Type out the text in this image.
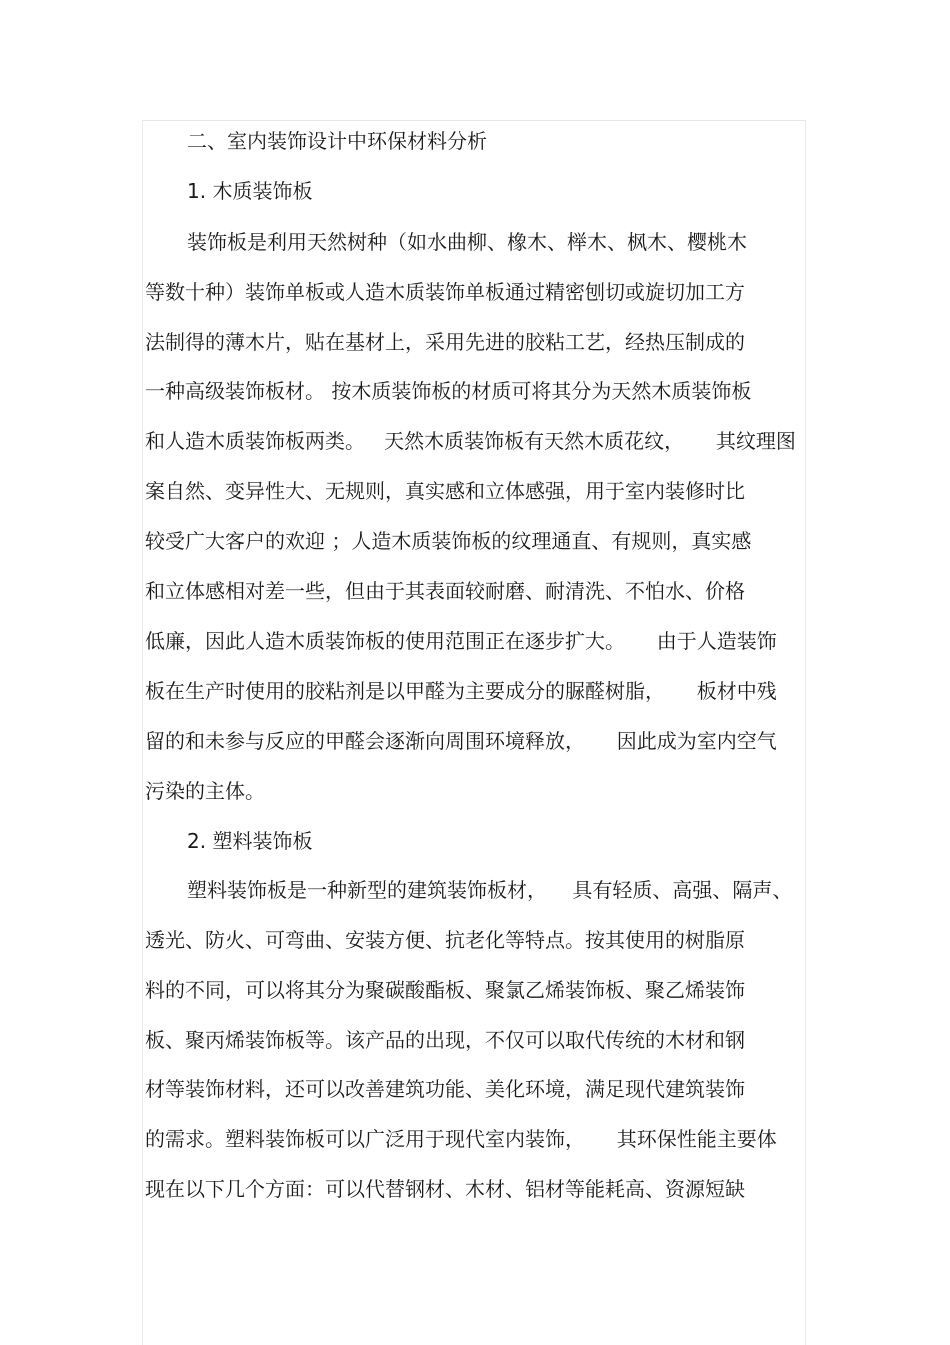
二、室内装饰设计中环保材料分析
1. 木质装饰板
装饰板是利用天然树种（如水曲柳、橡木、榉木、枫木、樱桃木
等数十种）装饰单板或人造木质装饰单板通过精密刨切或旋切加工方
法制得的薄木片，贴在基材上，采用先进的胶粘工艺，经热压制成的
一种高级装饰板材。 按木质装饰板的材质可将其分为天然木质装饰板
和人造木质装饰板两类。   天然木质装饰板有天然木质花纹，     其纹理图
案自然、变异性大、无规则，真实感和立体感强，用于室内装修时比
较受广大客户的欢迎 ；人造木质装饰板的纹理通直、有规则，真实感
和立体感相对差一些，但由于其表面较耐磨、耐清洗、不怕水、价格
低廉，因此人造木质装饰板的使用范围正在逐步扩大。     由于人造装饰
板在生产时使用的胶粘剂是以甲醛为主要成分的脲醛树脂，     板材中残
留的和未参与反应的甲醛会逐渐向周围环境释放，     因此成为室内空气
污染的主体。
2. 塑料装饰板
塑料装饰板是一种新型的建筑装饰板材，    具有轻质、高强、隔声、
透光、防火、可弯曲、安装方便、抗老化等特点。按其使用的树脂原
料的不同，可以将其分为聚碳酸酯板、聚氯乙烯装饰板、聚乙烯装饰
板、聚丙烯装饰板等。该产品的出现，不仅可以取代传统的木材和钢
材等装饰材料，还可以改善建筑功能、美化环境，满足现代建筑装饰
的需求。塑料装饰板可以广泛用于现代室内装饰，     其环保性能主要体
现在以下几个方面：可以代替钢材、木材、铝材等能耗高、资源短缺
